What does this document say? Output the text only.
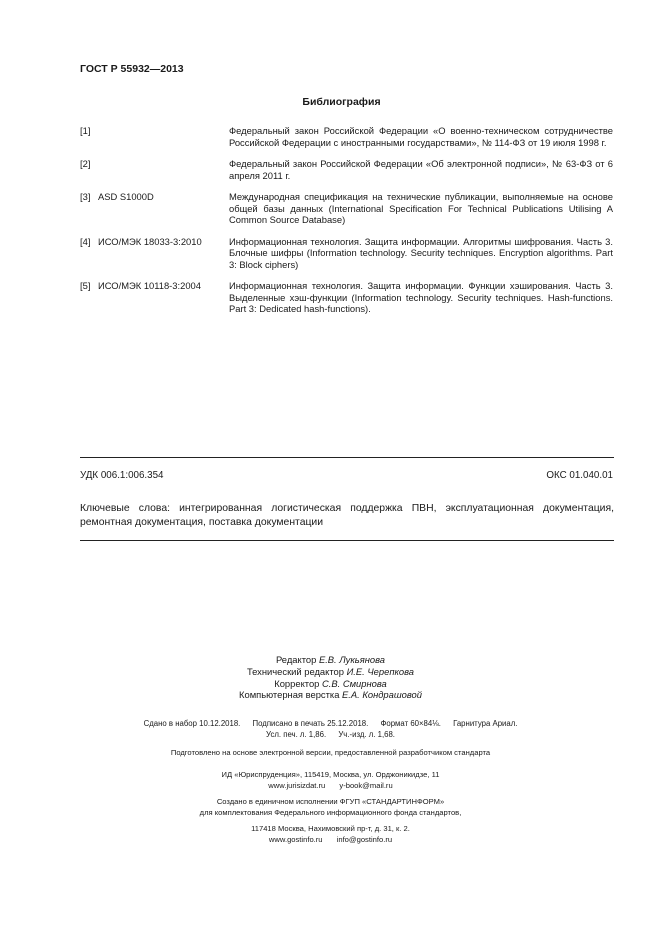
ГОСТ Р 55932—2013
Библиография
[1]	Федеральный закон Российской Федерации «О военно-техническом сотрудничестве Российской Федерации с иностранными государствами», № 114-ФЗ от 19 июля 1998 г.
[2]	Федеральный закон Российской Федерации «Об электронной подписи», № 63-ФЗ от 6 апреля 2011 г.
[3] ASD S1000D	Международная спецификация на технические публикации, выполняемые на основе общей базы данных (International Specification For Technical Publications Utilising A Common Source Database)
[4] ИСО/МЭК 18033-3:2010	Информационная технология. Защита информации. Алгоритмы шифрования. Часть 3. Блочные шифры (Information technology. Security techniques. Encryption algorithms. Part 3: Block ciphers)
[5] ИСО/МЭК 10118-3:2004	Информационная технология. Защита информации. Функции хэширования. Часть 3. Выделенные хэш-функции (Information technology. Security techniques. Hash-functions. Part 3: Dedicated hash-functions).
УДК 006.1:006.354	ОКС 01.040.01
Ключевые слова: интегрированная логистическая поддержка ПВН, эксплуатационная документация, ремонтная документация, поставка документации
Редактор Е.В. Лукьянова
Технический редактор И.Е. Черепкова
Корректор С.В. Смирнова
Компьютерная верстка Е.А. Кондрашовой
Сдано в набор 10.12.2018. Подписано в печать 25.12.2018. Формат 60×84⅛. Гарнитура Ариал.
Усл. печ. л. 1,86. Уч.-изд. л. 1,68.
Подготовлено на основе электронной версии, предоставленной разработчиком стандарта
ИД «Юриспруденция», 115419, Москва, ул. Орджоникидзе, 11
www.jurisizdat.ru y-book@mail.ru
Создано в единичном исполнении ФГУП «СТАНДАРТИНФОРМ»
для комплектования Федерального информационного фонда стандартов,
117418 Москва, Нахимовский пр-т, д. 31, к. 2.
www.gostinfo.ru info@gostinfo.ru
